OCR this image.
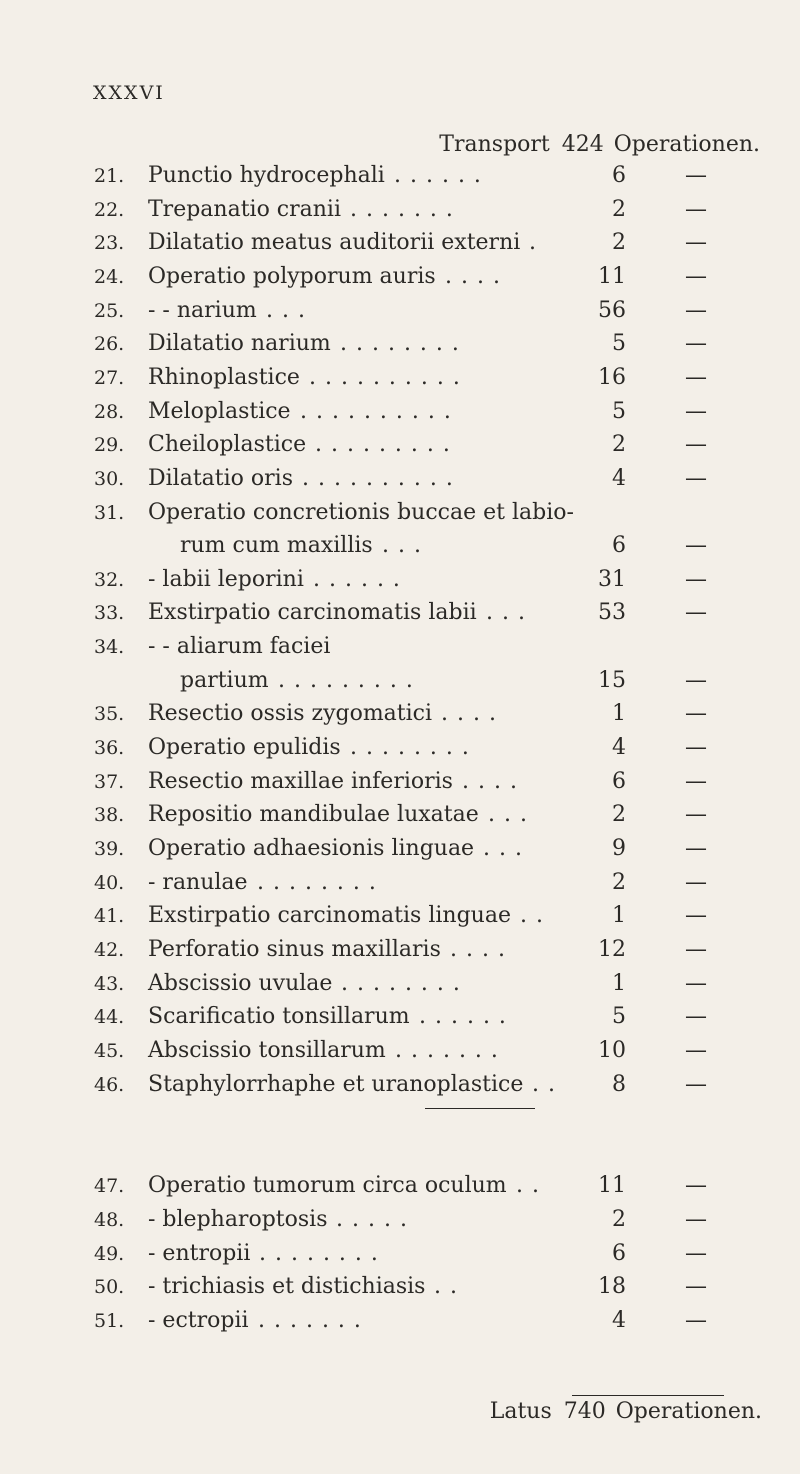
XXXVI
Transport 424 Operationen.
21.	Punctio hydrocephali . . . . . .	6	—
22.	Trepanatio cranii . . . . . . .	2	—
23.	Dilatatio meatus auditorii externi .	2	—
24.	Operatio polyporum auris . . . .	11	—
25.	- - narium . . .	56	—
26.	Dilatatio narium . . . . . . . .	5	—
27.	Rhinoplastice . . . . . . . . . .	16	—
28.	Meloplastice . . . . . . . . . .	5	—
29.	Cheiloplastice . . . . . . . . .	2	—
30.	Dilatatio oris . . . . . . . . . .	4	—
31.	Operatio concretionis buccae et labio-
rum cum maxillis . . .	6	—
32.	- labii leporini . . . . . .	31	—
33.	Exstirpatio carcinomatis labii . . .	53	—
34.	- - aliarum faciei
partium . . . . . . . . .	15	—
35.	Resectio ossis zygomatici . . . .	1	—
36.	Operatio epulidis . . . . . . . .	4	—
37.	Resectio maxillae inferioris . . . .	6	—
38.	Repositio mandibulae luxatae . . .	2	—
39.	Operatio adhaesionis linguae . . .	9	—
40.	- ranulae . . . . . . . .	2	—
41.	Exstirpatio carcinomatis linguae . .	1	—
42.	Perforatio sinus maxillaris . . . .	12	—
43.	Abscissio uvulae . . . . . . . .	1	—
44.	Scarificatio tonsillarum . . . . . .	5	—
45.	Abscissio tonsillarum . . . . . . .	10	—
46.	Staphylorrhaphe et uranoplastice . .	8	—
47.	Operatio tumorum circa oculum . .	11	—
48.	- blepharoptosis . . . . .	2	—
49.	- entropii . . . . . . . .	6	—
50.	- trichiasis et distichiasis . .	18	—
51.	- ectropii . . . . . . .	4	—
Latus 740 Operationen.
